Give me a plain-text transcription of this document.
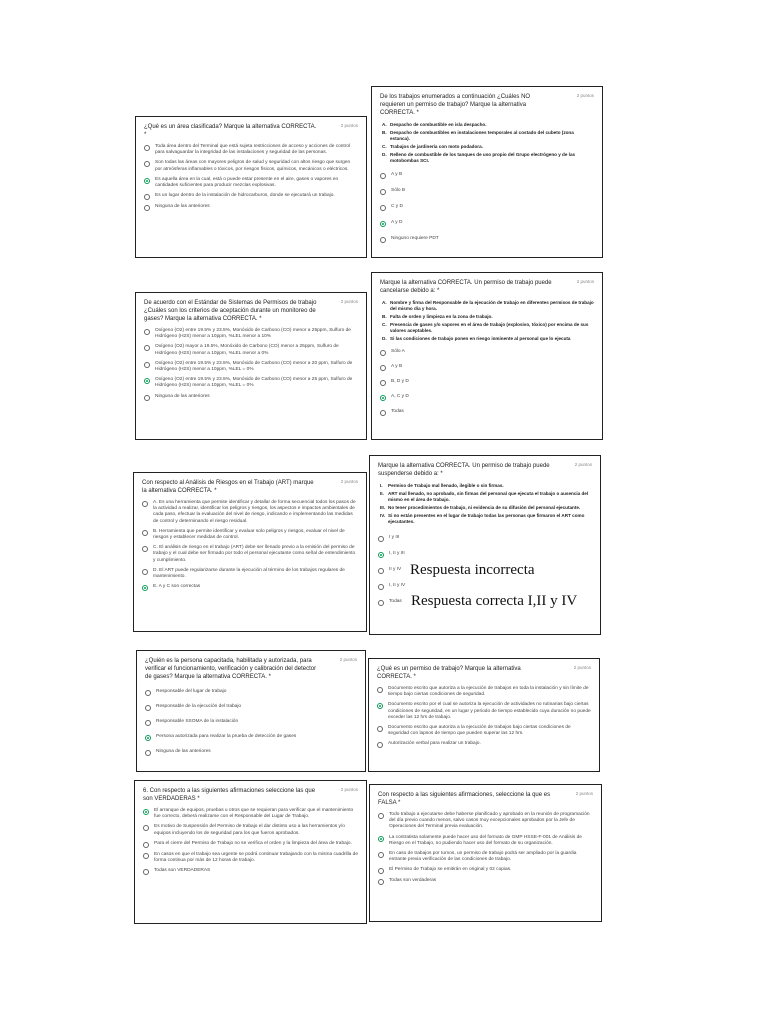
De los trabajos enumerados a continuación ¿Cuáles NO requieren un permiso de trabajo? Marque la alternativa CORRECTA. *
2 puntos
A. Despacho de combustible en isla despacho.
B. Despacho de combustibles en instalaciones temporales al costado del cubeto (zona estanca).
C. Trabajos de jardinería con moto podadora.
D. Relleno de combustible de los tanques de uso propio del Grupo electrógeno y de las motobombas SCI.
A y B
Sólo B
C y D
A y D
Ninguno requiere PDT
¿Qué es un área clasificada? Marque la alternativa CORRECTA. *
2 puntos
Toda área dentro del Terminal que está sujeta restricciones de acceso y acciones de control para salvaguardar la integridad de las instalaciones y seguridad de las personas.
Son todas las áreas con mayores peligros de salud y seguridad con altos riesgo que surgen por atmósferas inflamables o tóxicos, por riesgos físicos, químicos, mecánicos o eléctricos.
Es aquella área en la cual, está o puede estar presente en el aire, gases o vapores en cantidades suficientes para producir mezclas explosivas.
Es un lugar dentro de la instalación de hidrocarburos, donde se ejecutará un trabajo.
Ninguna de las anteriores
Marque la alternativa CORRECTA. Un permiso de trabajo puede cancelarse debido a: *
2 puntos
A. Nombre y firma del Responsable de la ejecución de trabajo en diferentes permisos de trabajo del mismo día y hora.
B. Falta de orden y limpieza en la zona de trabajo.
C. Presencia de gases y/o vapores en el área de trabajo (explosivo, tóxico) por encima de sus valores aceptables.
D. Si las condiciones de trabajo ponen en riesgo inminente al personal que lo ejecuta
Sólo A
A y B
B, D y D
A, C y D
Todas
De acuerdo con el Estándar de Sistemas de Permisos de trabajo ¿Cuáles son los criterios de aceptación durante un monitoreo de gases? Marque la alternativa CORRECTA. *
2 puntos
Oxígeno (O2) entre 19.5% y 23.5%, Monóxido de Carbono (CO) menor a 25ppm, Sulfuro de Hidrógeno (H2S) menor a 10ppm, %LEL menor a 10%
Oxígeno (O2) mayor a 19.5%, Monóxido de Carbono (CO) menor a 25ppm, Sulfuro de Hidrógeno (H2S) menor a 10ppm, %LEL menor a 0%
Oxígeno (O2) entre 19.5% y 23.5%, Monóxido de Carbono (CO) menor a 20 ppm, Sulfuro de Hidrógeno (H2S) menor a 10ppm, %LEL = 0%
Oxígeno (O2) entre 19.5% y 23.5%, Monóxido de Carbono (CO) menor a 25 ppm, Sulfuro de Hidrógeno (H2S) menor a 10ppm, %LEL = 0%
Ninguna de las anteriores
Marque la alternativa CORRECTA. Un permiso de trabajo puede suspenderse debido a: *
2 puntos
I.	Permiso de Trabajo mal llenado, ilegible o sin firmas.
II. ART mal llenado, no aprobado, sin firmas del personal que ejecuta el trabajo o ausencia del mismo en el área de trabajo.
III. No tener procedimientos de trabajo, ni evidencia de su difusión del personal ejecutante.
IV. Si no están presentes en el lugar de trabajo todas las personas que firmaron el ART como ejecutantes.
I y III
I, II y III
II y IV
I, II y IV
Todas
Respuesta incorrecta
Respuesta correcta I,II y IV
Con respecto al Análisis de Riesgos en el Trabajo (ART) marque la alternativa CORRECTA. *
2 puntos
A. Es una herramienta que permite identificar y detallar de forma secuencial todos los pasos de la actividad a realizar, identificar los peligros y riesgos, los aspectos e impactos ambientales de cada paso, efectuar la evaluación del nivel de riesgo, indicando e implementando las medidas de control y determinando el riesgo residual.
B. Herramienta que permite identificar y evaluar solo peligros y riesgos, evaluar el nivel de riesgos y establecer medidas de control.
C. El análisis de riesgo en el trabajo (ART) debe ser llenado previo a la emisión del permiso de trabajo y el cual debe ser firmado por todo el personal ejecutante como señal de entendimiento y cumplimiento.
D. El ART puede regularizarse durante la ejecución al término de los trabajos regulares de mantenimiento.
E. A y C son correctas
¿Quién es la persona capacitada, habilitada y autorizada, para verificar el funcionamiento, verificación y calibración del detector de gases? Marque la alternativa CORRECTA. *
2 puntos
Responsable del lugar de trabajo
Responsable de la ejecución del trabajo
Responsable SSOMA de la instalación
Persona autorizada para realizar la prueba de detección de gases
Ninguna de las anteriores
¿Qué es un permiso de trabajo? Marque la alternativa CORRECTA. *
2 puntos
Documento escrito que autoriza a la ejecución de trabajos en toda la instalación y sin límite de tiempo bajo ciertas condiciones de seguridad.
Documento escrito por el cual se autoriza la ejecución de actividades no rutinarias bajo ciertas condiciones de seguridad, en un lugar y periodo de tiempo establecido cuya duración no puede exceder las 12 hrs de trabajo.
Documento escrito que autoriza a la ejecución de trabajos bajo ciertas condiciones de seguridad con lapsos de tiempo que pueden superar las 12 hrs.
Autorización verbal para realizar un trabajo.
6. Con respecto a las siguientes afirmaciones seleccione las que son VERDADERAS *
2 puntos
El arranque de equipos, pruebas u otros que se requieran para verificar que el mantenimiento fue correcto, deberá realizarse con el Responsable del Lugar de Trabajo.
Es motivo de Suspensión del Permiso de trabajo el dar distinto uso a las herramientos y/o equipos incluyendo los de seguridad para los que fueron aprobados.
Para el cierre del Permiso de Trabajo no se verifica el orden y la limpieza del área de trabajo.
En casos en que el trabajo sea urgente se podrá continuar trabajando con la misma cuadrilla de forma continua por más de 12 horas de trabajo.
Todas son VERDADERAS
Con respecto a las siguientes afirmaciones, seleccione la que es FALSA *
2 puntos
Todo trabajo a ejecutarse debe haberse planificado y aprobado en la reunión de programación del día previo cuando menos, salvo casos muy excepcionales aprobados por la Jefe de Operaciones del Terminal previa evaluación.
La contratista solamente puede hacer uso del formato de GMP HSSE-F-001 de Análisis de Riesgo en el Trabajo, no pudiendo hacer uso del formato de su organización.
En caso de trabajos por turnos, un permiso de trabajo podrá ser ampliado por la guardia entrante previa verificación de las condiciones de trabajo.
El Permiso de Trabajo se emitirán en original y 02 copias.
Todas son verdaderas
